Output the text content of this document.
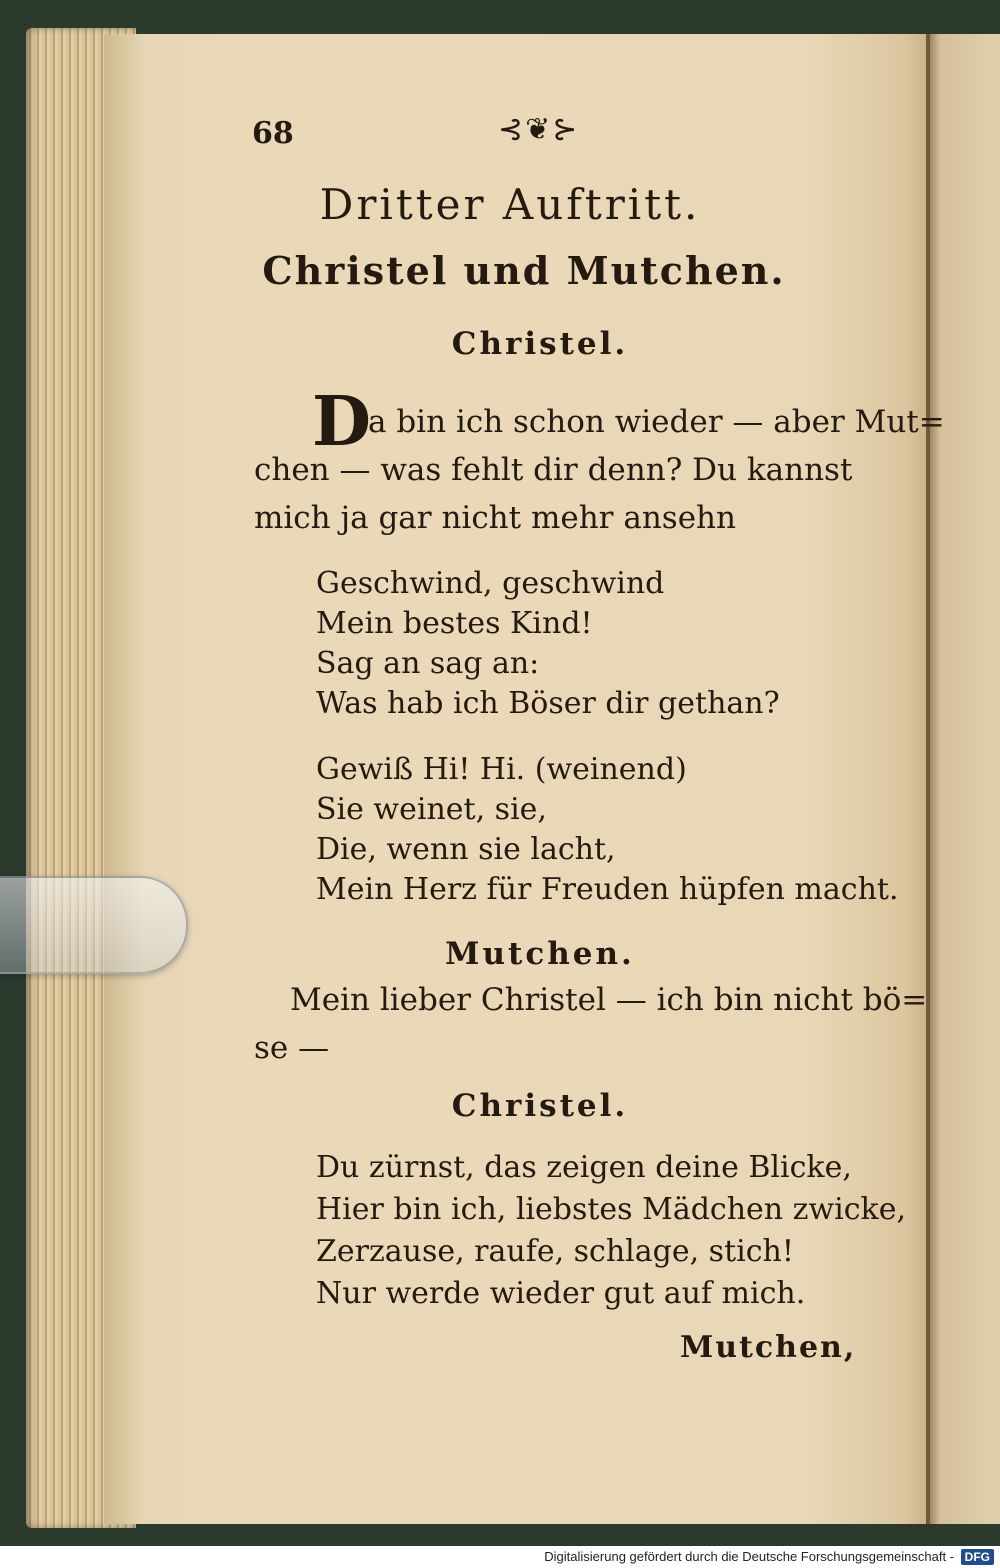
68	⊰❦⊱
Dritter Auftritt.
Christel und Mutchen.
Christel.
D
a bin ich schon wieder — aber Mut=
chen — was fehlt dir denn? Du kannst
mich ja gar nicht mehr ansehn
Geschwind, geschwind
Mein bestes Kind!
Sag an sag an:
Was hab ich Böser dir gethan?
Gewiß Hi! Hi. (weinend)
Sie weinet, sie,
Die, wenn sie lacht,
Mein Herz für Freuden hüpfen macht.
Mutchen.
Mein lieber Christel — ich bin nicht bö=
se —
Christel.
Du zürnst, das zeigen deine Blicke,
Hier bin ich, liebstes Mädchen zwicke,
Zerzause, raufe, schlage, stich!
Nur werde wieder gut auf mich.
Mutchen,
Digitalisierung gefördert durch die Deutsche Forschungsgemeinschaft - DFG
